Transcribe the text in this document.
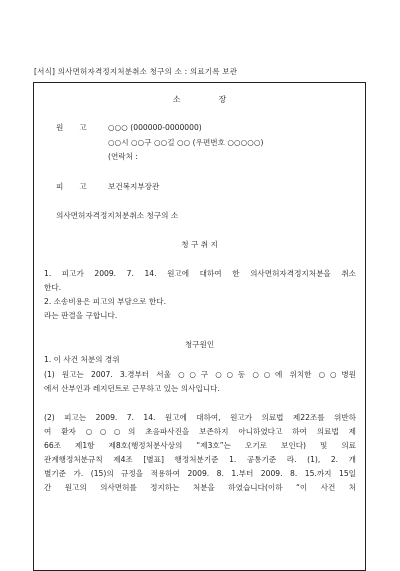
[서식] 의사면허자격정지처분취소 청구의 소 : 의료기록 보관
소장
원고 ○○○ (000000-0000000)
○○시 ○○구 ○○길 ○○ (우편번호 ○○○○○)
(연락처 :
피고 보건복지부장관
의사면허자격정지처분취소 청구의 소
청 구 취 지
1. 피고가 2009. 7. 14. 원고에 대하여 한 의사면허자격정지처분을 취소
한다.
2. 소송비용은 피고의 부담으로 한다.
라는 판결을 구합니다.
청구원인
1. 이 사건 처분의 경위
(1) 원고는 2007. 3.경부터 서울 ○○구 ○○동 ○○에 위치한 ○○병원
에서 산부인과 레지던트로 근무하고 있는 의사입니다.
(2) 피고는 2009. 7. 14. 원고에 대하여, 원고가 의료법 제22조를 위반하
여 환자 ○○○의 초음파사진을 보존하지 아니하였다고 하여 의료법 제
66조 제1항 제8호(행정처분사상의 “제3호”는 오기로 보인다) 및 의료
관계행정처분규칙 제4조 [별표] 행정처분기준 1. 공통기준 라. (1), 2. 개
별기준 가. (15)의 규정을 적용하여 2009. 8. 1.부터 2009. 8. 15.까지 15일
간 원고의 의사면허를 정지하는 처분을 하였습니다(이하 “이 사건 처
